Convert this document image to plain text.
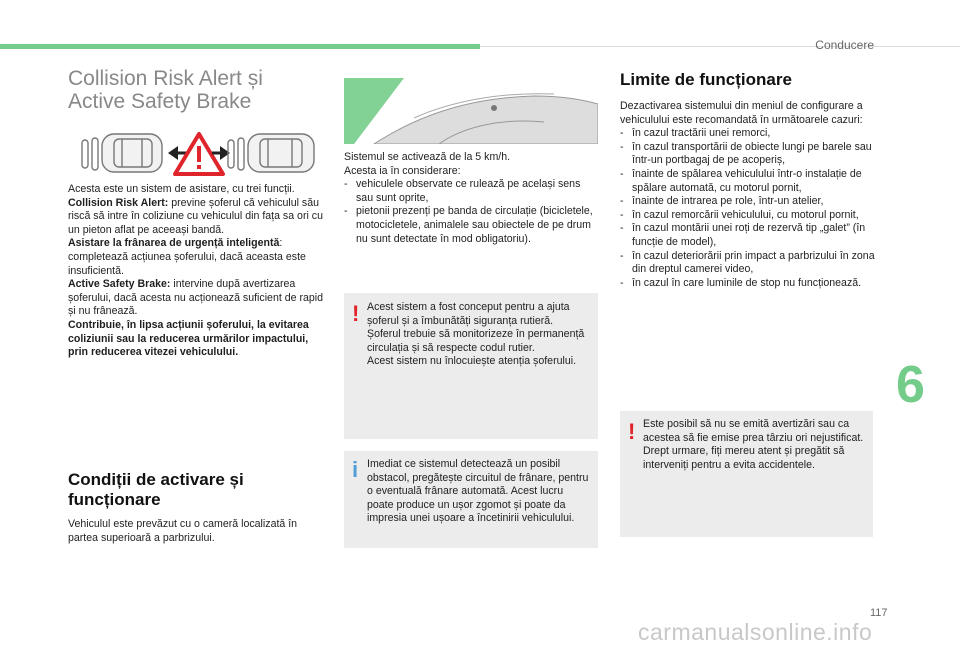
Conducere
Collision Risk Alert și
Active Safety Brake

Acesta este un sistem de asistare, cu trei funcții.

Collision Risk Alert: previne șoferul că vehiculul său riscă să intre în coliziune cu vehiculul din fața sa ori cu un pieton aflat pe aceeași bandă.

Asistare la frânarea de urgență inteligentă: completează acțiunea șoferului, dacă aceasta este insuficientă.

Active Safety Brake: intervine după avertizarea șoferului, dacă acesta nu acționează suficient de rapid și nu frânează.

Contribuie, în lipsa acțiunii șoferului, la evitarea coliziunii sau la reducerea urmărilor impactului, prin reducerea vitezei vehiculului.

Condiții de activare și
funcționare
Vehiculul este prevăzut cu o cameră localizată în partea superioară a parbrizului.

Sistemul se activează de la 5 km/h.

Acesta ia în considerare:

- vehiculele observate ce rulează pe același sens sau sunt oprite,
- pietonii prezenți pe banda de circulație (bicicletele, motocicletele, animalele sau obiectele de pe drum nu sunt detectate în mod obligatoriu).
! Acest sistem a fost conceput pentru a ajuta șoferul și a îmbunătăți siguranța rutieră.
Șoferul trebuie să monitorizeze în permanență circulația și să respecte codul rutier.
Acest sistem nu înlocuiește atenția șoferului.
i Imediat ce sistemul detectează un posibil obstacol, pregătește circuitul de frânare, pentru o eventuală frânare automată. Acest lucru poate produce un ușor zgomot și poate da impresia unei ușoare a încetinirii vehiculului.
Limite de funcționare

Dezactivarea sistemului din meniul de configurare a vehiculului este recomandată în următoarele cazuri:

- în cazul tractării unei remorci,
- în cazul transportării de obiecte lungi pe barele sau într-un portbagaj de pe acoperiș,
- înainte de spălarea vehiculului într-o instalație de spălare automată, cu motorul pornit,
- înainte de intrarea pe role, într-un atelier,
- în cazul remorcării vehiculului, cu motorul pornit,
- în cazul montării unei roți de rezervă tip „galet” (în funcție de model),
- în cazul deteriorării prin impact a parbrizului în zona din dreptul camerei video,
- în cazul în care luminile de stop nu funcționează.
! Este posibil să nu se emită avertizări sau ca acestea să fie emise prea târziu ori nejustificat.
Drept urmare, fiți mereu atent și pregătit să interveniți pentru a evita accidentele.
6
117
carmanualsonline.info
